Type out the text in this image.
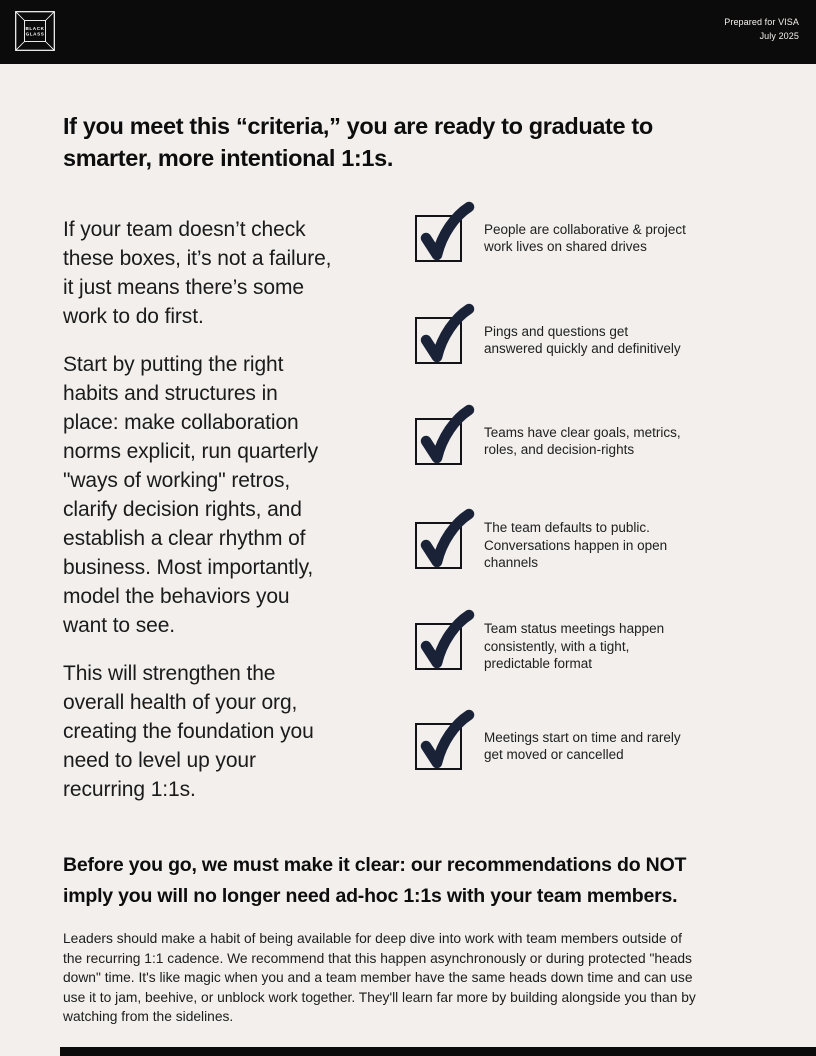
BLACK
GLASS
Prepared for VISA
July 2025
If you meet this “criteria,” you are ready to graduate to
smarter, more intentional 1:1s.

If your team doesn’t check
these boxes, it’s not a failure,
it just means there’s some
work to do first.

Start by putting the right
habits and structures in
place: make collaboration
norms explicit, run quarterly
"ways of working" retros,
clarify decision rights, and
establish a clear rhythm of
business. Most importantly,
model the behaviors you
want to see.

This will strengthen the
overall health of your org,
creating the foundation you
need to level up your
recurring 1:1s.

People are collaborative & project
work lives on shared drives

Pings and questions get
answered quickly and definitively

Teams have clear goals, metrics,
roles, and decision-rights

The team defaults to public.
Conversations happen in open
channels

Team status meetings happen
consistently, with a tight,
predictable format

Meetings start on time and rarely
get moved or cancelled

Before you go, we must make it clear: our recommendations do NOT
imply you will no longer need ad-hoc 1:1s with your team members.

Leaders should make a habit of being available for deep dive into work with team members outside of
the recurring 1:1 cadence. We recommend that this happen asynchronously or during protected "heads
down" time. It's like magic when you and a team member have the same heads down time and can use
use it to jam, beehive, or unblock work together. They'll learn far more by building alongside you than by
watching from the sidelines.
